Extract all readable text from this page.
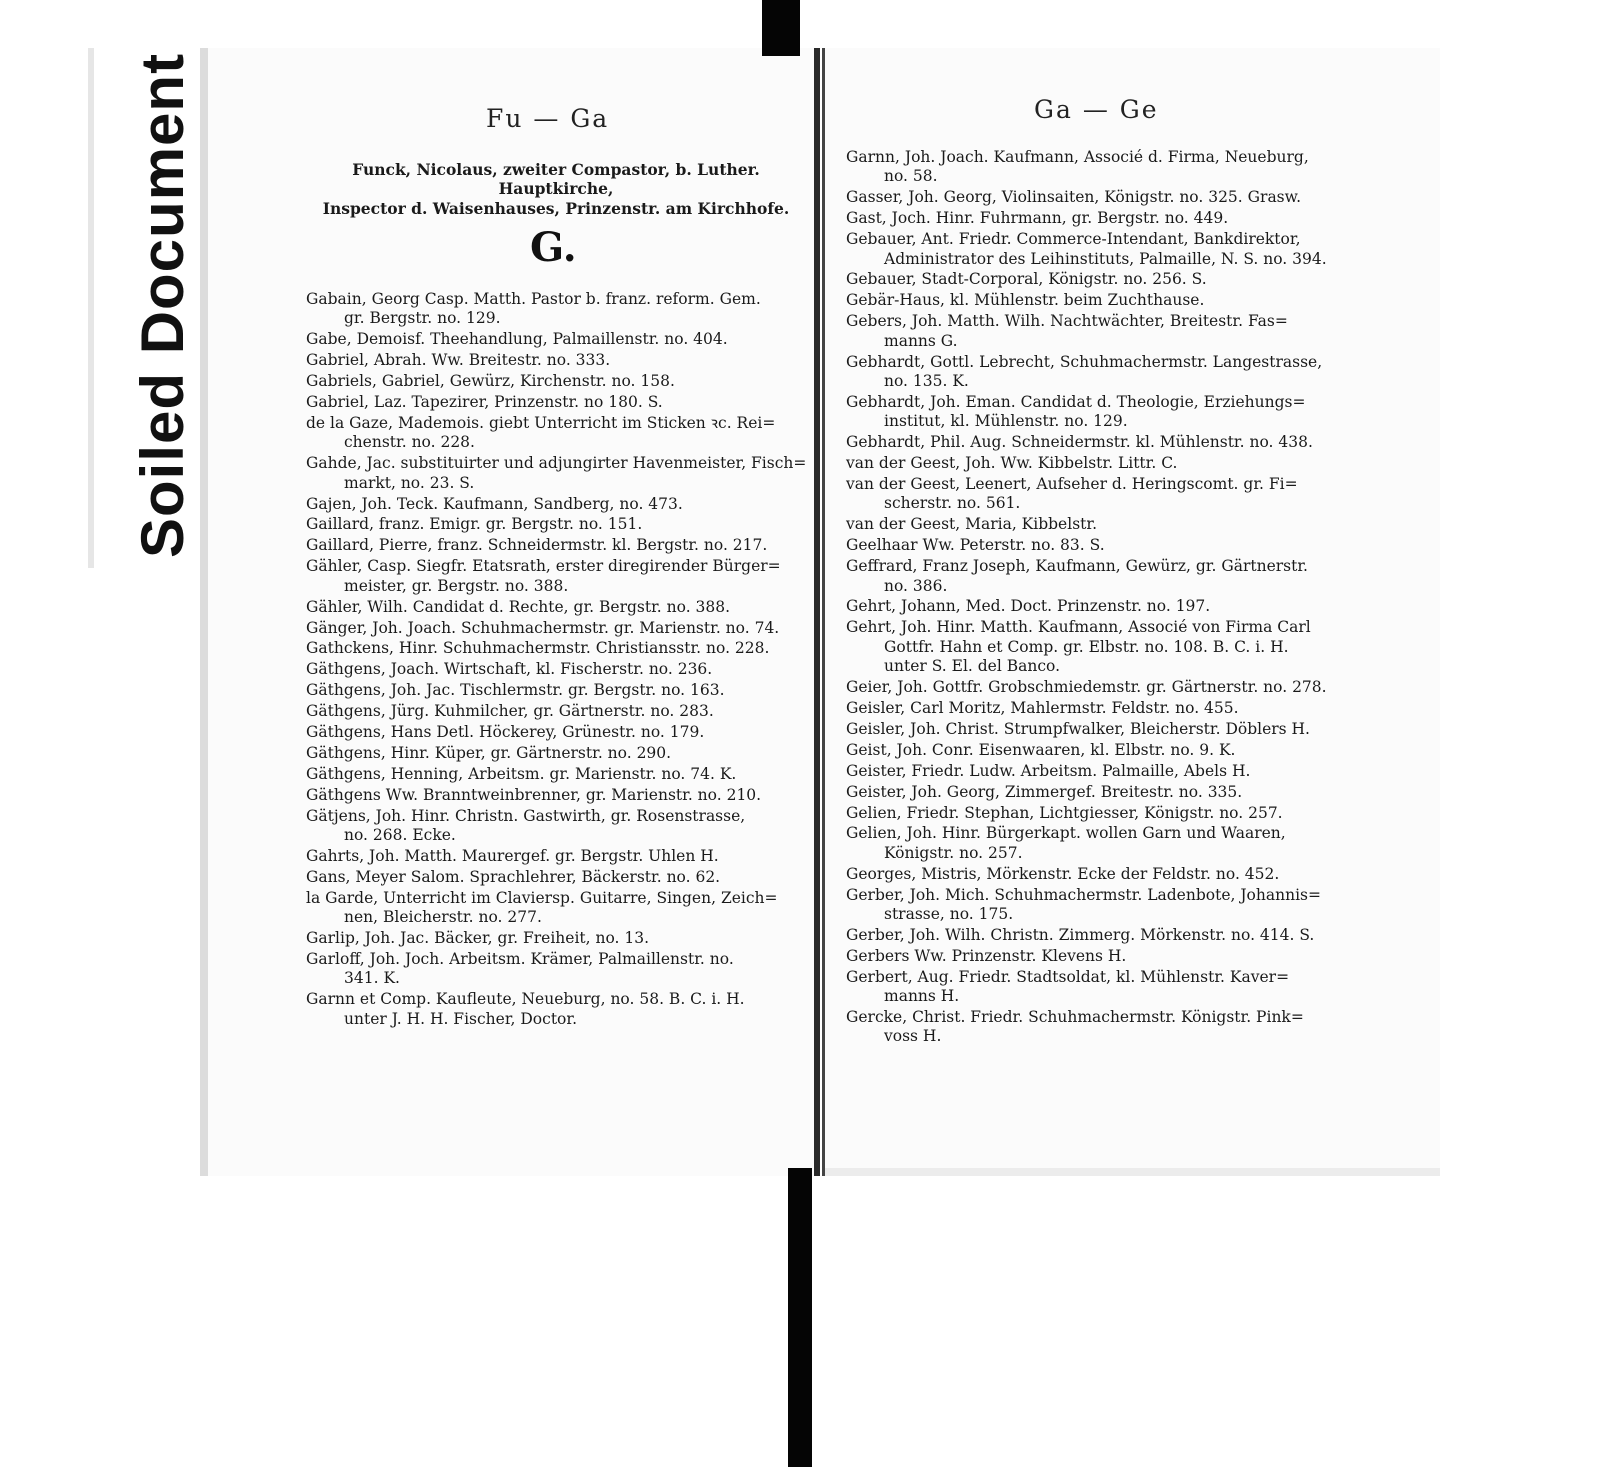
Soiled Document	Fu — Ga	Ga — Ge
Funck, Nicolaus, zweiter Compastor, b. Luther. Hauptkirche,
Inspector d. Waisenhauses, Prinzenstr. am Kirchhofe.
G.
Gabain, Georg Casp. Matth. Pastor b. franz. reform. Gem.
gr. Bergstr. no. 129.
Gabe, Demoisf. Theehandlung, Palmaillenstr. no. 404.
Gabriel, Abrah. Ww. Breitestr. no. 333.
Gabriels, Gabriel, Gewürz, Kirchenstr. no. 158.
Gabriel, Laz. Tapezirer, Prinzenstr. no 180. S.
de la Gaze, Mademois. giebt Unterricht im Sticken ꝛc. Rei=
chenstr. no. 228.
Gahde, Jac. substituirter und adjungirter Havenmeister, Fisch=
markt, no. 23. S.
Gajen, Joh. Teck. Kaufmann, Sandberg, no. 473.
Gaillard, franz. Emigr. gr. Bergstr. no. 151.
Gaillard, Pierre, franz. Schneidermstr. kl. Bergstr. no. 217.
Gähler, Casp. Siegfr. Etatsrath, erster diregirender Bürger=
meister, gr. Bergstr. no. 388.
Gähler, Wilh. Candidat d. Rechte, gr. Bergstr. no. 388.
Gänger, Joh. Joach. Schuhmachermstr. gr. Marienstr. no. 74.
Gathckens, Hinr. Schuhmachermstr. Christiansstr. no. 228.
Gäthgens, Joach. Wirtschaft, kl. Fischerstr. no. 236.
Gäthgens, Joh. Jac. Tischlermstr. gr. Bergstr. no. 163.
Gäthgens, Jürg. Kuhmilcher, gr. Gärtnerstr. no. 283.
Gäthgens, Hans Detl. Höckerey, Grünestr. no. 179.
Gäthgens, Hinr. Küper, gr. Gärtnerstr. no. 290.
Gäthgens, Henning, Arbeitsm. gr. Marienstr. no. 74. K.
Gäthgens Ww. Branntweinbrenner, gr. Marienstr. no. 210.
Gätjens, Joh. Hinr. Christn. Gastwirth, gr. Rosenstrasse,
no. 268. Ecke.
Gahrts, Joh. Matth. Maurergef. gr. Bergstr. Uhlen H.
Gans, Meyer Salom. Sprachlehrer, Bäckerstr. no. 62.
la Garde, Unterricht im Claviersp. Guitarre, Singen, Zeich=
nen, Bleicherstr. no. 277.
Garlip, Joh. Jac. Bäcker, gr. Freiheit, no. 13.
Garloff, Joh. Joch. Arbeitsm. Krämer, Palmaillenstr. no.
341. K.
Garnn et Comp. Kaufleute, Neueburg, no. 58. B. C. i. H.
unter J. H. H. Fischer, Doctor.
Garnn, Joh. Joach. Kaufmann, Associé d. Firma, Neueburg,
no. 58.
Gasser, Joh. Georg, Violinsaiten, Königstr. no. 325. Grasw.
Gast, Joch. Hinr. Fuhrmann, gr. Bergstr. no. 449.
Gebauer, Ant. Friedr. Commerce-Intendant, Bankdirektor,
Administrator des Leihinstituts, Palmaille, N. S. no. 394.
Gebauer, Stadt-Corporal, Königstr. no. 256. S.
Gebär-Haus, kl. Mühlenstr. beim Zuchthause.
Gebers, Joh. Matth. Wilh. Nachtwächter, Breitestr. Fas=
manns G.
Gebhardt, Gottl. Lebrecht, Schuhmachermstr. Langestrasse,
no. 135. K.
Gebhardt, Joh. Eman. Candidat d. Theologie, Erziehungs=
institut, kl. Mühlenstr. no. 129.
Gebhardt, Phil. Aug. Schneidermstr. kl. Mühlenstr. no. 438.
van der Geest, Joh. Ww. Kibbelstr. Littr. C.
van der Geest, Leenert, Aufseher d. Heringscomt. gr. Fi=
scherstr. no. 561.
van der Geest, Maria, Kibbelstr.
Geelhaar Ww. Peterstr. no. 83. S.
Geffrard, Franz Joseph, Kaufmann, Gewürz, gr. Gärtnerstr.
no. 386.
Gehrt, Johann, Med. Doct. Prinzenstr. no. 197.
Gehrt, Joh. Hinr. Matth. Kaufmann, Associé von Firma Carl
Gottfr. Hahn et Comp. gr. Elbstr. no. 108. B. C. i. H.
unter S. El. del Banco.
Geier, Joh. Gottfr. Grobschmiedemstr. gr. Gärtnerstr. no. 278.
Geisler, Carl Moritz, Mahlermstr. Feldstr. no. 455.
Geisler, Joh. Christ. Strumpfwalker, Bleicherstr. Döblers H.
Geist, Joh. Conr. Eisenwaaren, kl. Elbstr. no. 9. K.
Geister, Friedr. Ludw. Arbeitsm. Palmaille, Abels H.
Geister, Joh. Georg, Zimmergef. Breitestr. no. 335.
Gelien, Friedr. Stephan, Lichtgiesser, Königstr. no. 257.
Gelien, Joh. Hinr. Bürgerkapt. wollen Garn und Waaren,
Königstr. no. 257.
Georges, Mistris, Mörkenstr. Ecke der Feldstr. no. 452.
Gerber, Joh. Mich. Schuhmachermstr. Ladenbote, Johannis=
strasse, no. 175.
Gerber, Joh. Wilh. Christn. Zimmerg. Mörkenstr. no. 414. S.
Gerbers Ww. Prinzenstr. Klevens H.
Gerbert, Aug. Friedr. Stadtsoldat, kl. Mühlenstr. Kaver=
manns H.
Gercke, Christ. Friedr. Schuhmachermstr. Königstr. Pink=
voss H.
